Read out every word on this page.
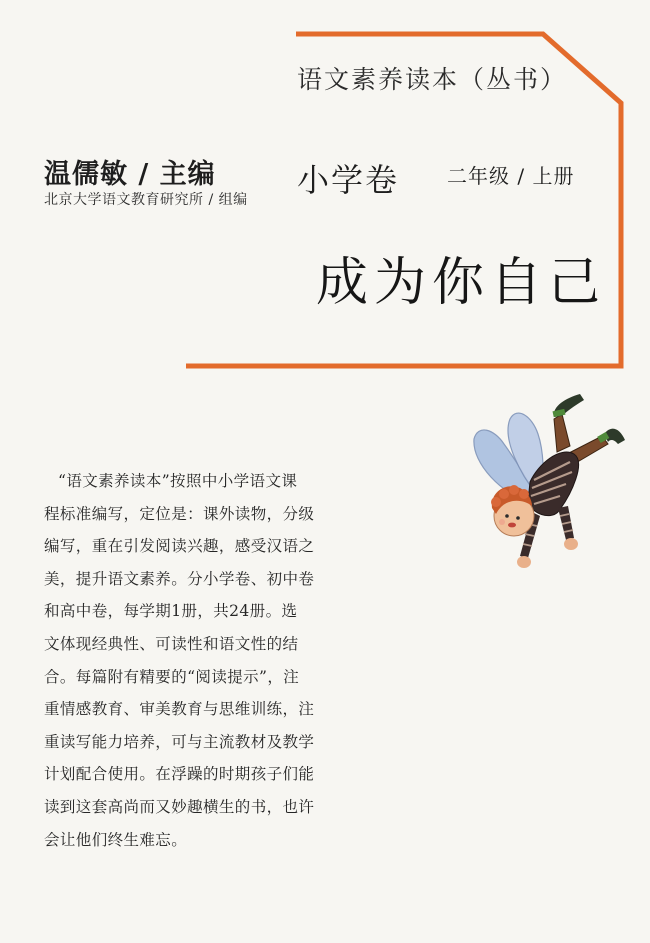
语文素养读本（丛书）
温儒敏 / 主编
北京大学语文教育研究所 / 组编
小学卷 二年级 / 上册
成为你自己
“语文素养读本”按照中小学语文课
程标准编写，定位是：课外读物，分级
编写，重在引发阅读兴趣，感受汉语之
美，提升语文素养。分小学卷、初中卷
和高中卷，每学期1册，共24册。选
文体现经典性、可读性和语文性的结
合。每篇附有精要的“阅读提示”，注
重情感教育、审美教育与思维训练，注
重读写能力培养，可与主流教材及教学
计划配合使用。在浮躁的时期孩子们能
读到这套高尚而又妙趣横生的书，也许
会让他们终生难忘。
